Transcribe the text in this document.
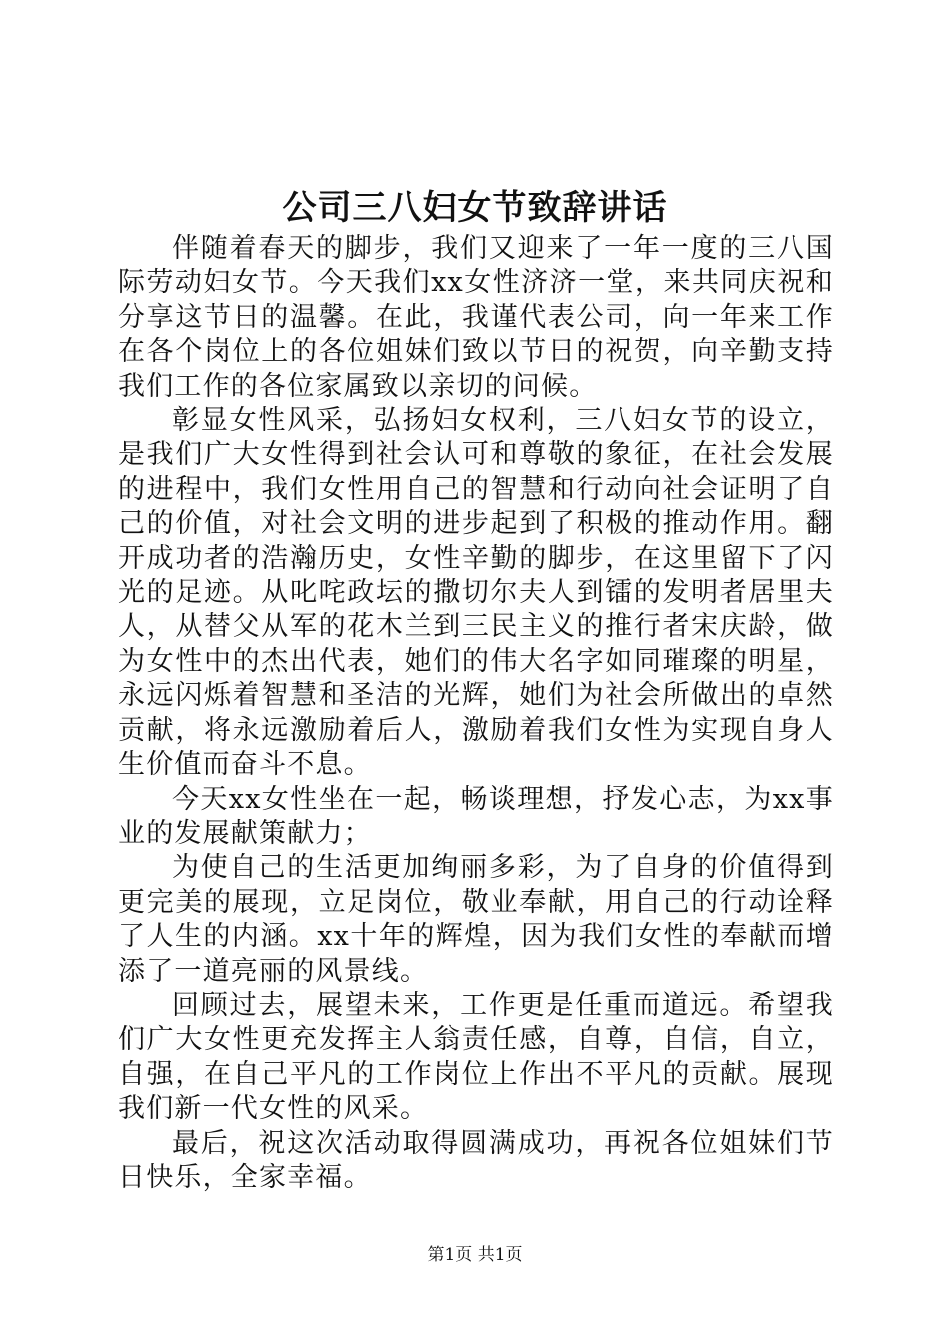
公司三八妇女节致辞讲话

伴随着春天的脚步，我们又迎来了一年一度的三八国际劳动妇女节。今天我们xx女性济济一堂，来共同庆祝和分享这节日的温馨。在此，我谨代表公司，向一年来工作在各个岗位上的各位姐妹们致以节日的祝贺，向辛勤支持我们工作的各位家属致以亲切的问候。

彰显女性风采，弘扬妇女权利，三八妇女节的设立，是我们广大女性得到社会认可和尊敬的象征，在社会发展的进程中，我们女性用自己的智慧和行动向社会证明了自己的价值，对社会文明的进步起到了积极的推动作用。翻开成功者的浩瀚历史，女性辛勤的脚步，在这里留下了闪光的足迹。从叱咤政坛的撒切尔夫人到镭的发明者居里夫人，从替父从军的花木兰到三民主义的推行者宋庆龄，做为女性中的杰出代表，她们的伟大名字如同璀璨的明星，永远闪烁着智慧和圣洁的光辉，她们为社会所做出的卓然贡献，将永远激励着后人，激励着我们女性为实现自身人生价值而奋斗不息。

今天xx女性坐在一起，畅谈理想，抒发心志，为xx事业的发展献策献力；

为使自己的生活更加绚丽多彩，为了自身的价值得到更完美的展现，立足岗位，敬业奉献，用自己的行动诠释了人生的内涵。xx十年的辉煌，因为我们女性的奉献而增添了一道亮丽的风景线。

回顾过去，展望未来，工作更是任重而道远。希望我们广大女性更充发挥主人翁责任感，自尊，自信，自立，自强，在自己平凡的工作岗位上作出不平凡的贡献。展现我们新一代女性的风采。

最后，祝这次活动取得圆满成功，再祝各位姐妹们节日快乐，全家幸福。

第1页 共1页
